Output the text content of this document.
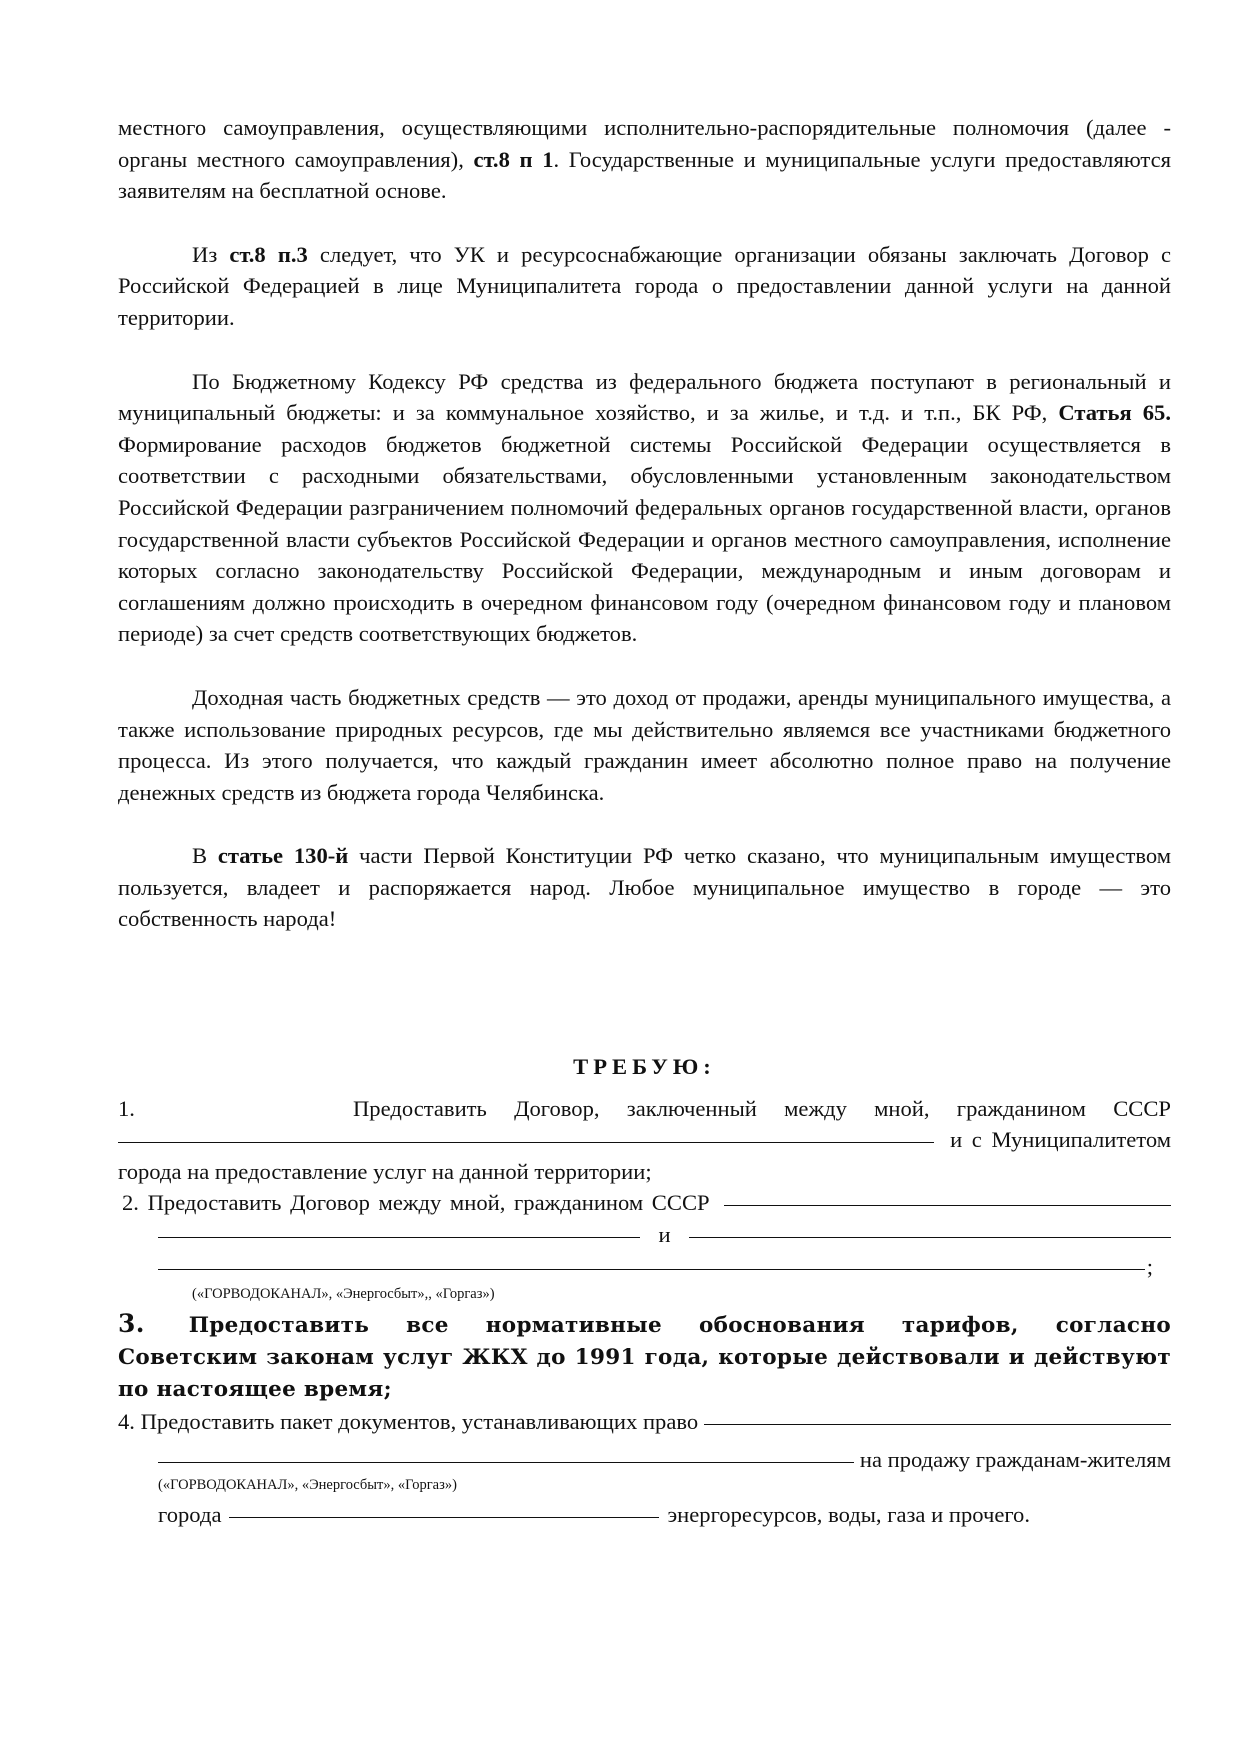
местного самоуправления, осуществляющими исполнительно-распорядительные полномочия (далее - органы местного самоуправления), ст.8 п 1. Государственные и муниципальные услуги предоставляются заявителям на бесплатной основе.

Из ст.8 п.3 следует, что УК и ресурсоснабжающие организации обязаны заключать Договор с Российской Федерацией в лице Муниципалитета города о предоставлении данной услуги на данной территории.

По Бюджетному Кодексу РФ средства из федерального бюджета поступают в региональный и муниципальный бюджеты: и за коммунальное хозяйство, и за жилье, и т.д. и т.п., БК РФ, Статья 65. Формирование расходов бюджетов бюджетной системы Российской Федерации осуществляется в соответствии с расходными обязательствами, обусловленными установленным законодательством Российской Федерации разграничением полномочий федеральных органов государственной власти, органов государственной власти субъектов Российской Федерации и органов местного самоуправления, исполнение которых согласно законодательству Российской Федерации, международным и иным договорам и соглашениям должно происходить в очередном финансовом году (очередном финансовом году и плановом периоде) за счет средств соответствующих бюджетов.

Доходная часть бюджетных средств — это доход от продажи, аренды муниципального имущества, а также использование природных ресурсов, где мы действительно являемся все участниками бюджетного процесса. Из этого получается, что каждый гражданин имеет абсолютно полное право на получение денежных средств из бюджета города Челябинска.

В статье 130-й части Первой Конституции РФ четко сказано, что муниципальным имуществом пользуется, владеет и распоряжается народ. Любое муниципальное имущество в городе — это собственность народа!

ТРЕБУЮ:

1.        Предоставить Договор, заключенный между мной, гражданином СССР

и с Муниципалитетом

города на предоставление услуг на данной территории;

2. Предоставить Договор между мной, гражданином СССР
и
;
(«ГОРВОДОКАНАЛ», «Энергосбыт»,, «Горгаз»)
3. Предоставить все нормативные обоснования тарифов, согласно Советским законам услуг ЖКХ до 1991 года, которые действовали и действуют по настоящее время;
4. Предоставить пакет документов, устанавливающих право
на продажу гражданам-жителям
(«ГОРВОДОКАНАЛ», «Энергосбыт», «Горгаз»)
города	энергоресурсов, воды, газа и прочего.
